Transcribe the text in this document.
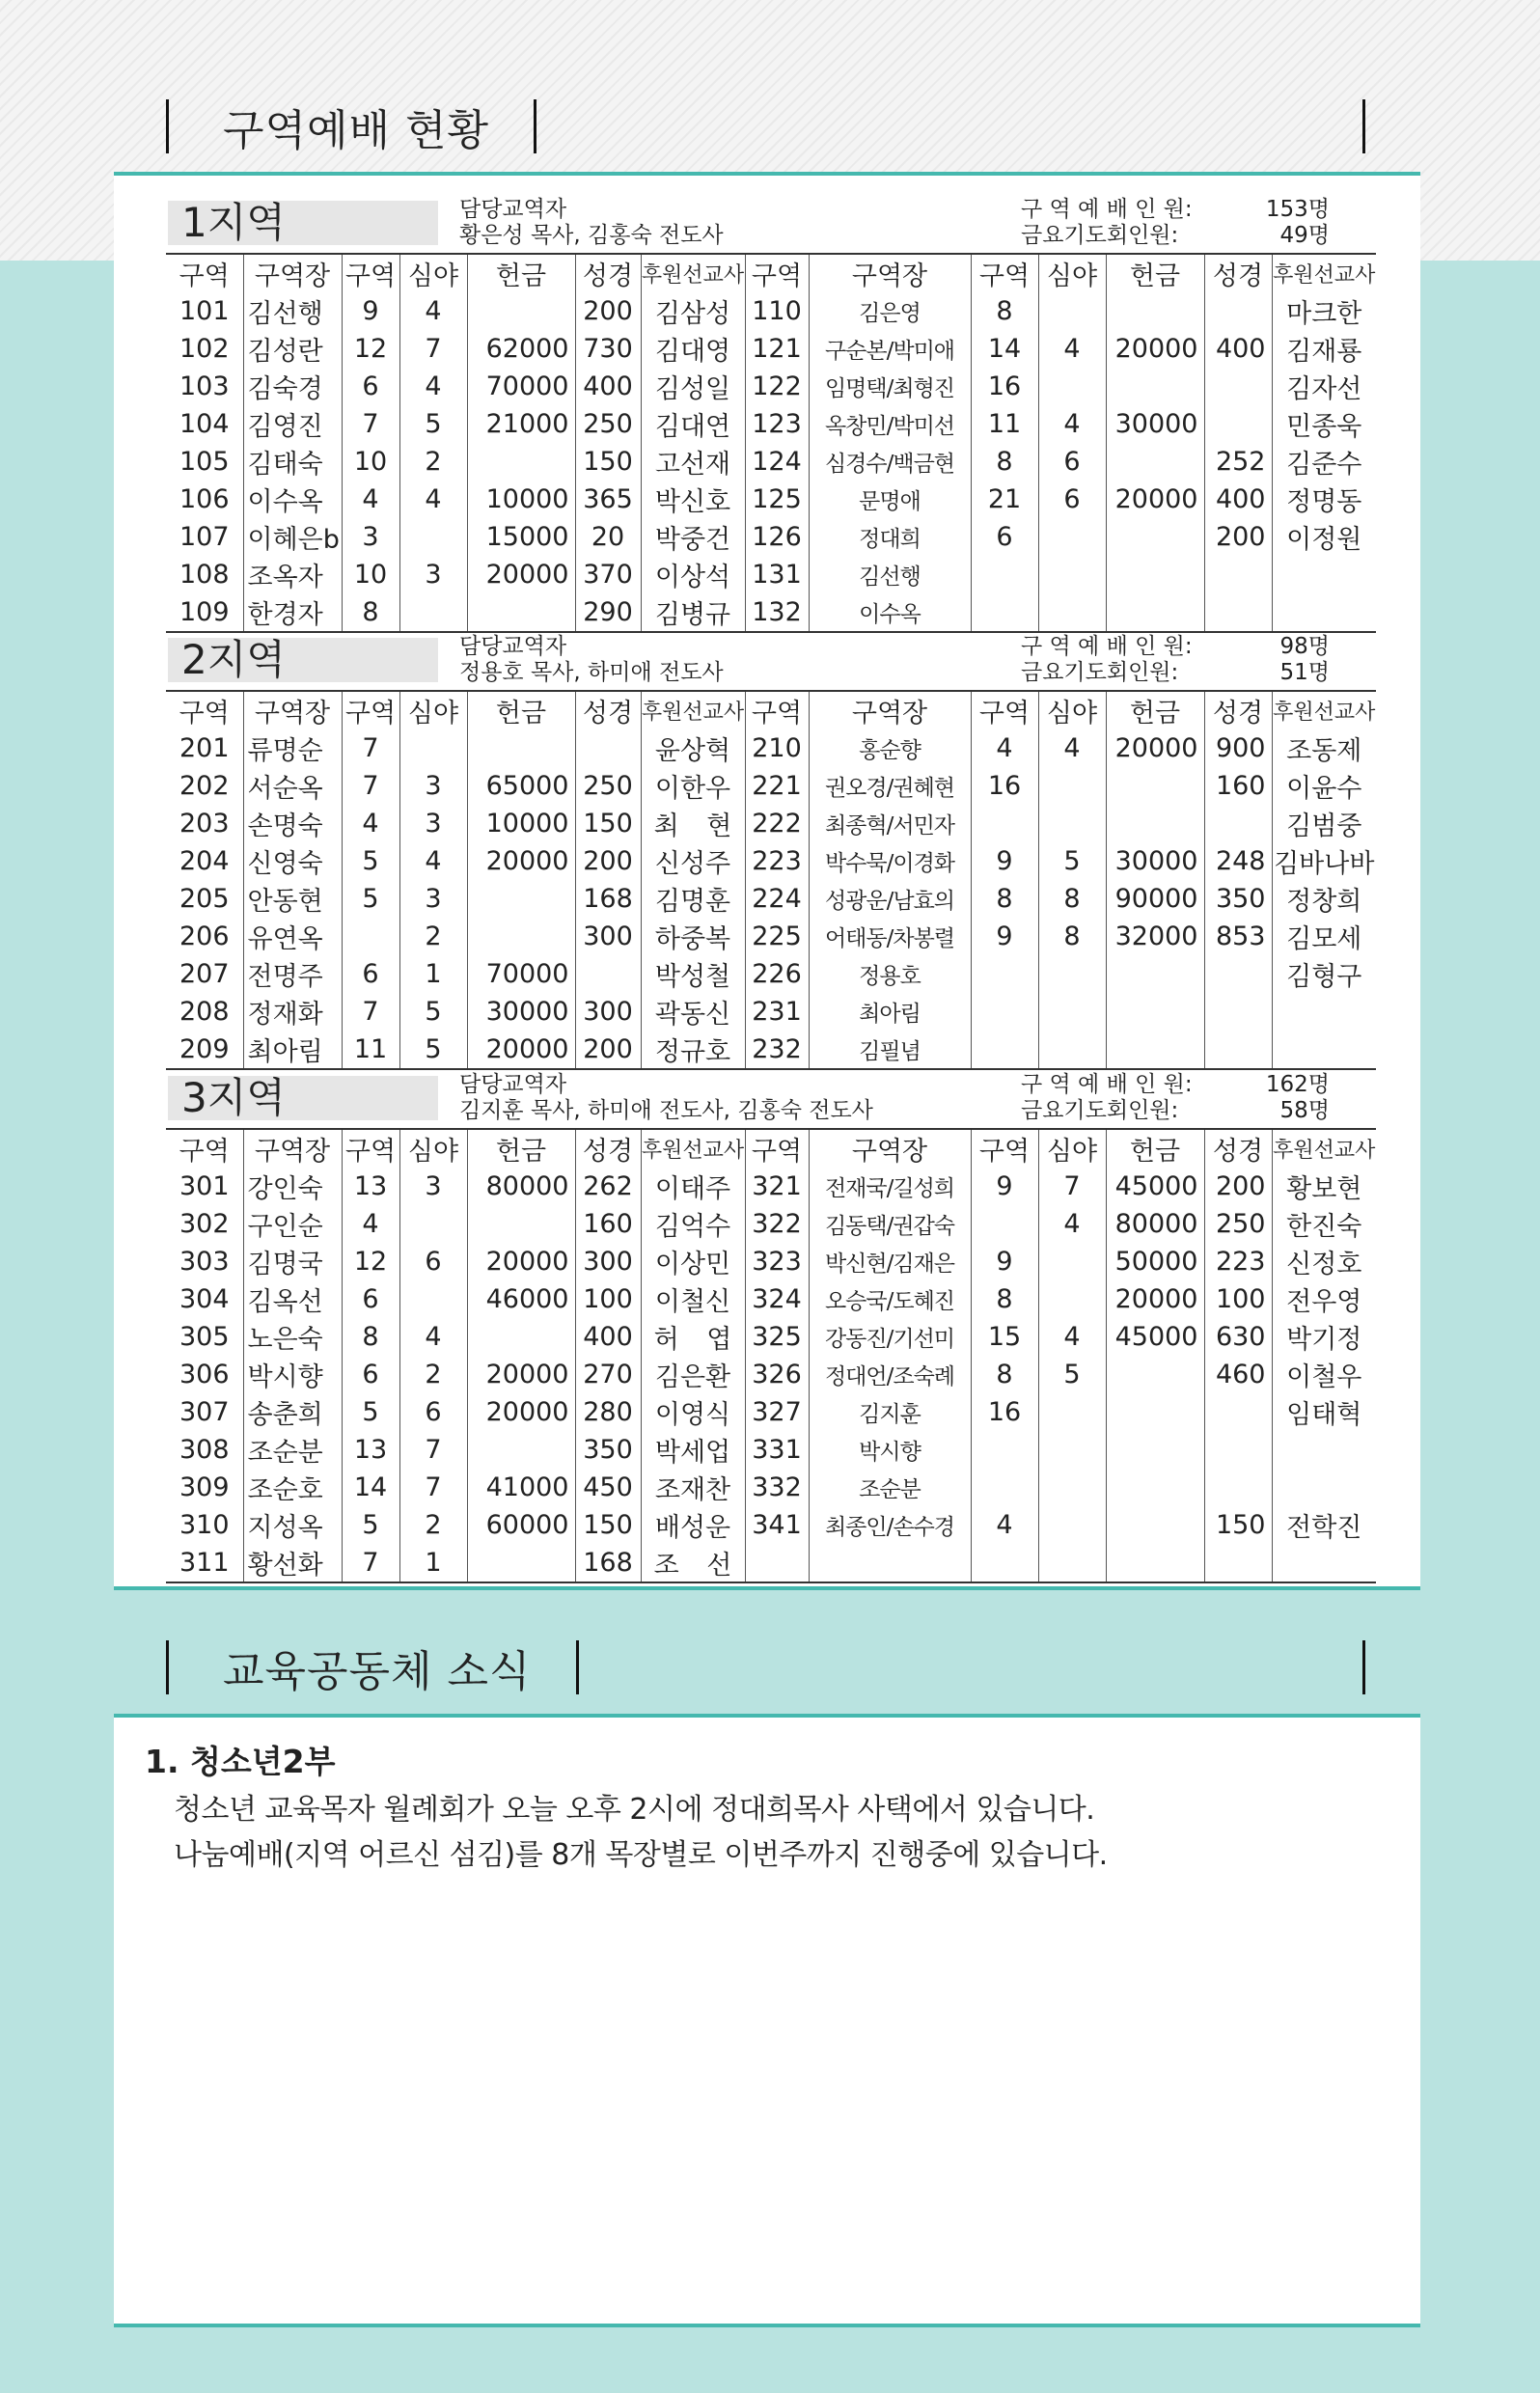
구역예배 현황
1지역	담당교역자
황은성 목사, 김홍숙 전도사
구 역 예 배 인 원:	153명
금요기도회인원:	49명
구역	구역장	구역	심야	헌금	성경	후원선교사	구역	구역장	구역	심야	헌금	성경	후원선교사
101	김선행	9	4		200	김삼성	110	김은영	8				마크한
102	김성란	12	7	62000	730	김대영	121	구순본/박미애	14	4	20000	400	김재룡
103	김숙경	6	4	70000	400	김성일	122	임명택/최형진	16				김자선
104	김영진	7	5	21000	250	김대연	123	옥창민/박미선	11	4	30000		민종욱
105	김태숙	10	2		150	고선재	124	심경수/백금현	8	6		252	김준수
106	이수옥	4	4	10000	365	박신호	125	문명애	21	6	20000	400	정명동
107	이혜은b	3		15000	20	박중건	126	정대희	6			200	이정원
108	조옥자	10	3	20000	370	이상석	131	김선행					
109	한경자	8			290	김병규	132	이수옥					
2지역	담당교역자
정용호 목사, 하미애 전도사
구 역 예 배 인 원:	98명
금요기도회인원:	51명
구역	구역장	구역	심야	헌금	성경	후원선교사	구역	구역장	구역	심야	헌금	성경	후원선교사
201	류명순	7				윤상혁	210	홍순향	4	4	20000	900	조동제
202	서순옥	7	3	65000	250	이한우	221	권오경/권혜현	16			160	이윤수
203	손명숙	4	3	10000	150	최 현	222	최종혁/서민자					김범중
204	신영숙	5	4	20000	200	신성주	223	박수묵/이경화	9	5	30000	248	김바나바
205	안동현	5	3		168	김명훈	224	성광운/남효의	8	8	90000	350	정창희
206	유연옥		2		300	하중복	225	어태동/차봉렬	9	8	32000	853	김모세
207	전명주	6	1	70000		박성철	226	정용호					김형구
208	정재화	7	5	30000	300	곽동신	231	최아림					
209	최아림	11	5	20000	200	정규호	232	김필념					
3지역	담당교역자
김지훈 목사, 하미애 전도사, 김홍숙 전도사
구 역 예 배 인 원:	162명
금요기도회인원:	58명
구역	구역장	구역	심야	헌금	성경	후원선교사	구역	구역장	구역	심야	헌금	성경	후원선교사
301	강인숙	13	3	80000	262	이태주	321	전재국/길성희	9	7	45000	200	황보현
302	구인순	4			160	김억수	322	김동택/권갑숙		4	80000	250	한진숙
303	김명국	12	6	20000	300	이상민	323	박신현/김재은	9		50000	223	신정호
304	김옥선	6		46000	100	이철신	324	오승국/도혜진	8		20000	100	전우영
305	노은숙	8	4		400	허 엽	325	강동진/기선미	15	4	45000	630	박기정
306	박시향	6	2	20000	270	김은환	326	정대언/조숙례	8	5		460	이철우
307	송춘희	5	6	20000	280	이영식	327	김지훈	16				임태혁
308	조순분	13	7		350	박세업	331	박시향					
309	조순호	14	7	41000	450	조재찬	332	조순분					
310	지성옥	5	2	60000	150	배성운	341	최종인/손수경	4			150	전학진
311	황선화	7	1		168	조 선							
교육공동체 소식
1. 청소년2부

청소년 교육목자 월례회가 오늘 오후 2시에 정대희목사 사택에서 있습니다.

나눔예배(지역 어르신 섬김)를 8개 목장별로 이번주까지 진행중에 있습니다.
